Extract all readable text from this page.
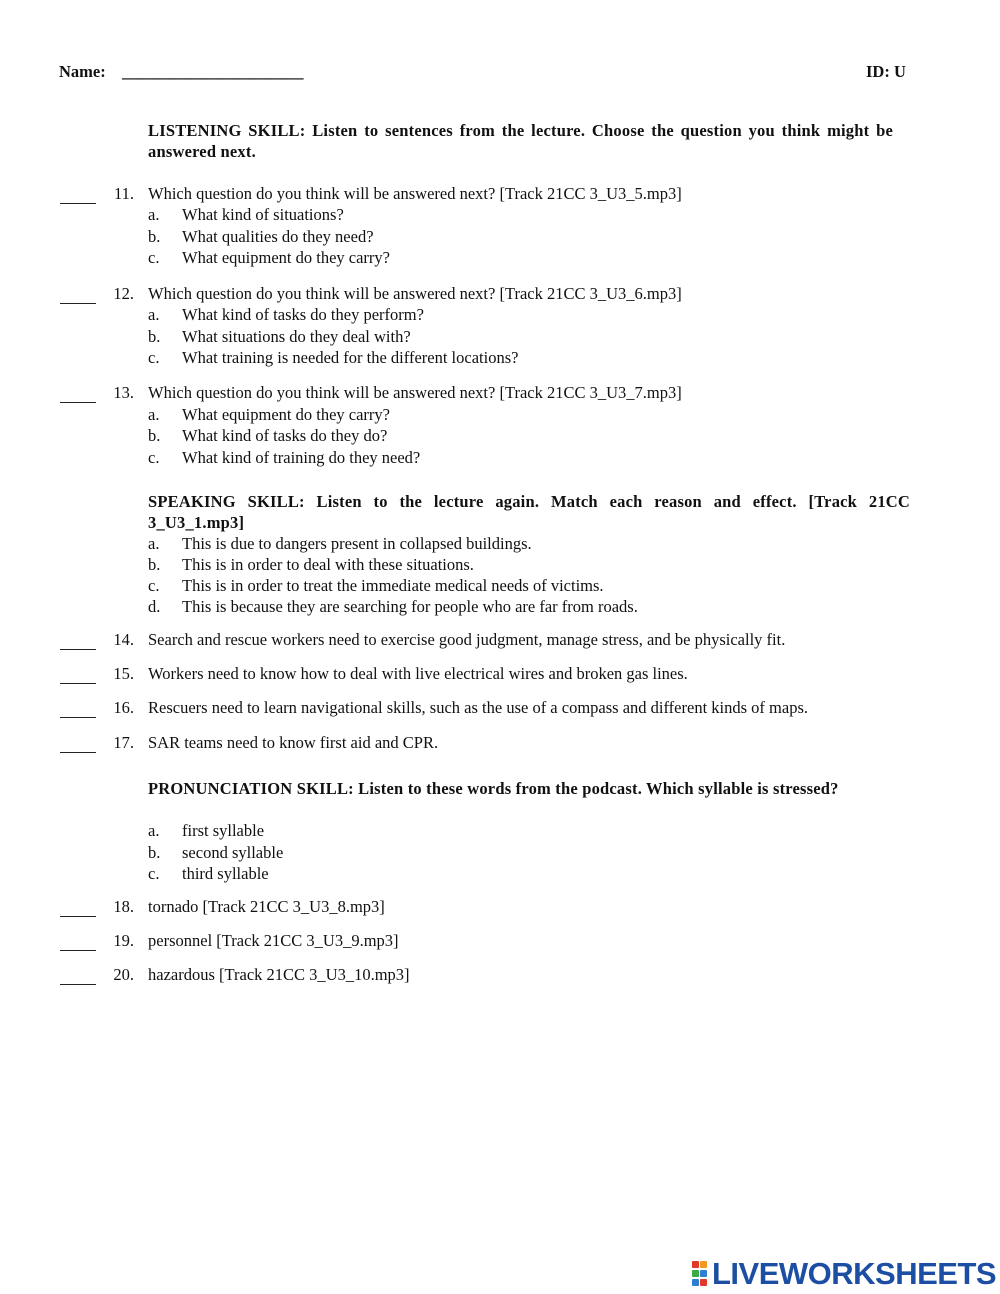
Name: ______________________	ID: U
LISTENING SKILL: Listen to sentences from the lecture. Choose the question you think might be answered next.
11. Which question do you think will be answered next? [Track 21CC 3_U3_5.mp3]
a. What kind of situations?
b. What qualities do they need?
c. What equipment do they carry?
12. Which question do you think will be answered next? [Track 21CC 3_U3_6.mp3]
a. What kind of tasks do they perform?
b. What situations do they deal with?
c. What training is needed for the different locations?
13. Which question do you think will be answered next? [Track 21CC 3_U3_7.mp3]
a. What equipment do they carry?
b. What kind of tasks do they do?
c. What kind of training do they need?
SPEAKING SKILL: Listen to the lecture again. Match each reason and effect. [Track 21CC 3_U3_1.mp3]
a. This is due to dangers present in collapsed buildings.
b. This is in order to deal with these situations.
c. This is in order to treat the immediate medical needs of victims.
d. This is because they are searching for people who are far from roads.
14. Search and rescue workers need to exercise good judgment, manage stress, and be physically fit.
15. Workers need to know how to deal with live electrical wires and broken gas lines.
16. Rescuers need to learn navigational skills, such as the use of a compass and different kinds of maps.
17. SAR teams need to know first aid and CPR.
PRONUNCIATION SKILL: Listen to these words from the podcast. Which syllable is stressed?
a. first syllable
b. second syllable
c. third syllable
18. tornado [Track 21CC 3_U3_8.mp3]
19. personnel [Track 21CC 3_U3_9.mp3]
20. hazardous [Track 21CC 3_U3_10.mp3]
LIVEWORKSHEETS
